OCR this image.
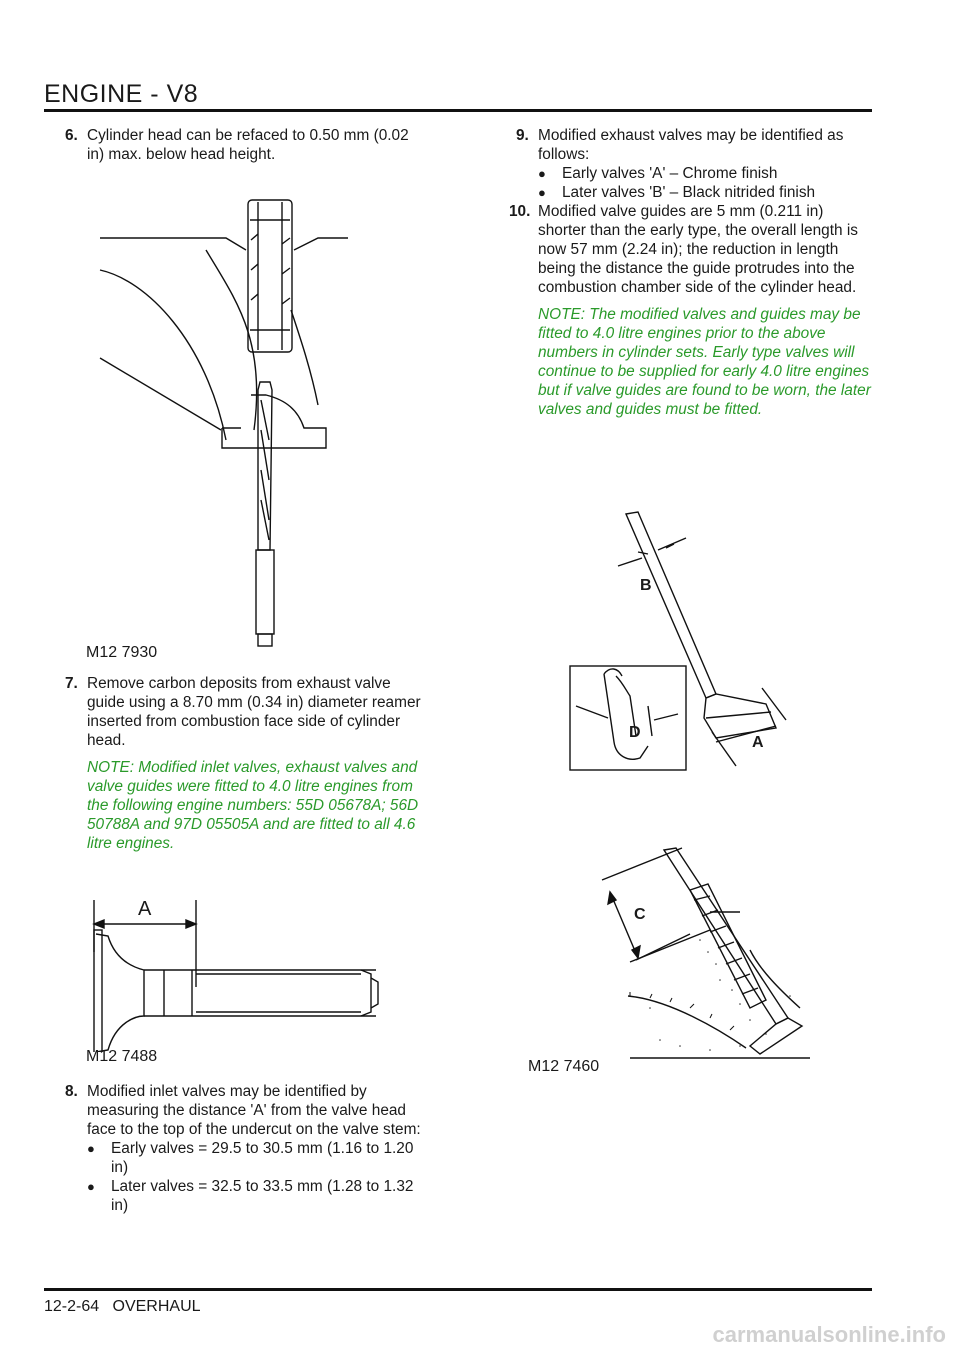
ENGINE - V8
6. Cylinder head can be refaced to 0.50 mm (0.02 in) max. below head height.
7. Remove carbon deposits from exhaust valve guide using a 8.70 mm (0.34 in) diameter reamer inserted from combustion face side of cylinder head.
NOTE: Modified inlet valves, exhaust valves and valve guides were fitted to 4.0 litre engines from the following engine numbers: 55D 05678A; 56D 50788A and 97D 05505A and are fitted to all 4.6 litre engines.
8. Modified inlet valves may be identified by measuring the distance 'A' from the valve head face to the top of the undercut on the valve stem:
● Early valves = 29.5 to 30.5 mm (1.16 to 1.20 in)
● Later valves = 32.5 to 33.5 mm (1.28 to 1.32 in)
9. Modified exhaust valves may be identified as follows:
● Early valves 'A' – Chrome finish
● Later valves 'B' – Black nitrided finish
10. Modified valve guides are 5 mm (0.211 in) shorter than the early type, the overall length is now 57 mm (2.24 in); the reduction in length being the distance the guide protrudes into the combustion chamber side of the cylinder head.
NOTE: The modified valves and guides may be fitted to 4.0 litre engines prior to the above numbers in cylinder sets. Early type valves will continue to be supplied for early 4.0 litre engines but if valve guides are found to be worn, the later valves and guides must be fitted.
M12 7930
A
M12 7488
B
A
D
C
M12 7460
12-2-64 OVERHAUL
carmanualsonline.info
